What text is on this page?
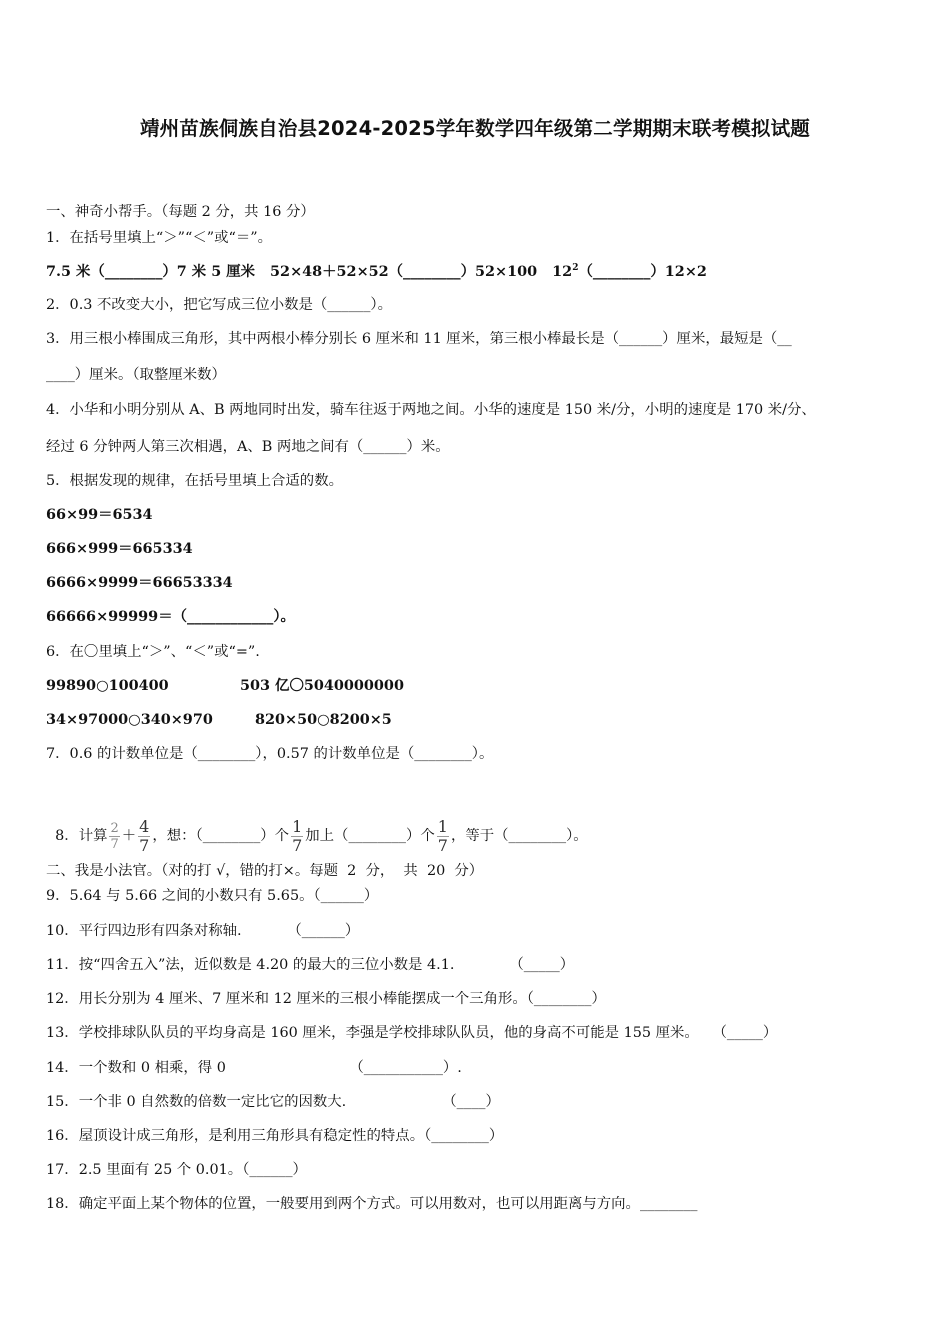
靖州苗族侗族自治县2024-2025学年数学四年级第二学期期末联考模拟试题
一、神奇小帮手。（每题 2 分，共 16 分）
1．在括号里填上“＞”“＜”或“＝”。
7.5 米（________）7 米 5 厘米   52×48＋52×52（________）52×100   $12^2(\_\_\_\_\_\_\_\_)12\times 2$
2．0.3 不改变大小，把它写成三位小数是（______）。
3．用三根小棒围成三角形，其中两根小棒分别长 6 厘米和 11 厘米，第三根小棒最长是（______）厘米，最短是（__
____）厘米。（取整厘米数）
4．小华和小明分别从 A、B 两地同时出发，骑车往返于两地之间。小华的速度是 150 米/分，小明的速度是 170 米/分、
经过 6 分钟两人第三次相遇，A、B 两地之间有（______）米。
5．根据发现的规律，在括号里填上合适的数。
66×99＝6534
666×999＝665334
6666×9999＝66653334
66666×99999＝（____________）。
6．在〇里填上“＞”、“＜”或“=”.
99890○100400	503 亿〇5040000000
34×97000○340×970	820×50○8200×5
7．0.6 的计数单位是（________），0.57 的计数单位是（________）。

8．计算 $\frac{2}{7} + \frac{4}{7}$ ，想：（________）个 $\frac{1}{7}$ 加上（________）个 $\frac{1}{7}$ ，等于（________）。

二、我是小法官。（对的打 √，错的打×。每题  2  分，  共  20  分）
9．5.64 与 5.66 之间的小数只有 5.65。（______）
10．平行四边形有四条对称轴.          （______）
11．按“四舍五入”法，近似数是 4.20 的最大的三位小数是 4.1.            （_____）
12．用长分别为 4 厘米、7 厘米和 12 厘米的三根小棒能摆成一个三角形。（________）
13．学校排球队队员的平均身高是 160 厘米，李强是学校排球队队员，他的身高不可能是 155 厘米。   （_____）
14．一个数和 0 相乘，得 0                           （___________）.
15．一个非 0 自然数的倍数一定比它的因数大.                     （____）
16．屋顶设计成三角形，是利用三角形具有稳定性的特点。（________）
17．2.5 里面有 25 个 0.01。（______）
18．确定平面上某个物体的位置，一般要用到两个方式。可以用数对，也可以用距离与方向。________
